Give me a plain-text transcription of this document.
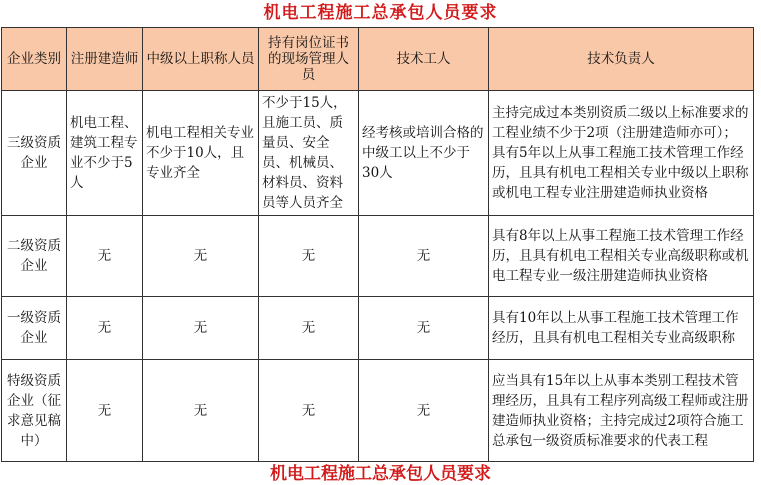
机电工程施工总承包人员要求
企业类别	注册建造师	中级以上职称人员	持有岗位证书的现场管理人员	技术工人	技术负责人
三级资质企业	机电工程、建筑工程专业不少于5人	机电工程相关专业不少于10人，且专业齐全	不少于15人，且施工员、质量员、安全员、机械员、材料员、资料员等人员齐全	经考核或培训合格的中级工以上不少于30人	主持完成过本类别资质二级以上标准要求的工程业绩不少于2项（注册建造师亦可）；具有5年以上从事工程施工技术管理工作经历，且具有机电工程相关专业中级以上职称或机电工程专业注册建造师执业资格
二级资质企业	无	无	无	无	具有8年以上从事工程施工技术管理工作经历，且具有机电工程相关专业高级职称或机电工程专业一级注册建造师执业资格
一级资质企业	无	无	无	无	具有10年以上从事工程施工技术管理工作经历，且具有机电工程相关专业高级职称
特级资质企业（征求意见稿中）	无	无	无	无	应当具有15年以上从事本类别工程技术管理经历，且具有工程序列高级工程师或注册建造师执业资格；主持完成过2项符合施工总承包一级资质标准要求的代表工程
机电工程施工总承包人员要求
